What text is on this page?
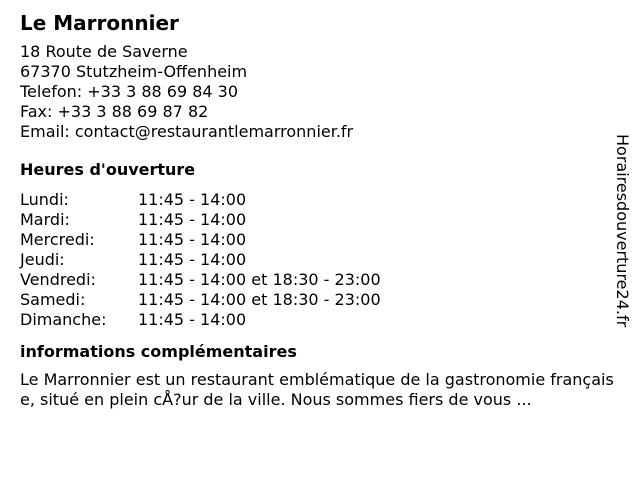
Le Marronnier
18 Route de Saverne
67370 Stutzheim-Offenheim
Telefon: +33 3 88 69 84 30
Fax: +33 3 88 69 87 82
Email: contact@restaurantlemarronnier.fr
Heures d'ouverture
Lundi:	11:45 - 14:00
Mardi:	11:45 - 14:00
Mercredi:	11:45 - 14:00
Jeudi:	11:45 - 14:00
Vendredi:	11:45 - 14:00 et 18:30 - 23:00
Samedi:	11:45 - 14:00 et 18:30 - 23:00
Dimanche:	11:45 - 14:00
informations complémentaires
Le Marronnier est un restaurant emblématique de la gastronomie française, situé en plein cÅ?ur de la ville. Nous sommes fiers de vous ...
Horairesdouverture24.fr
